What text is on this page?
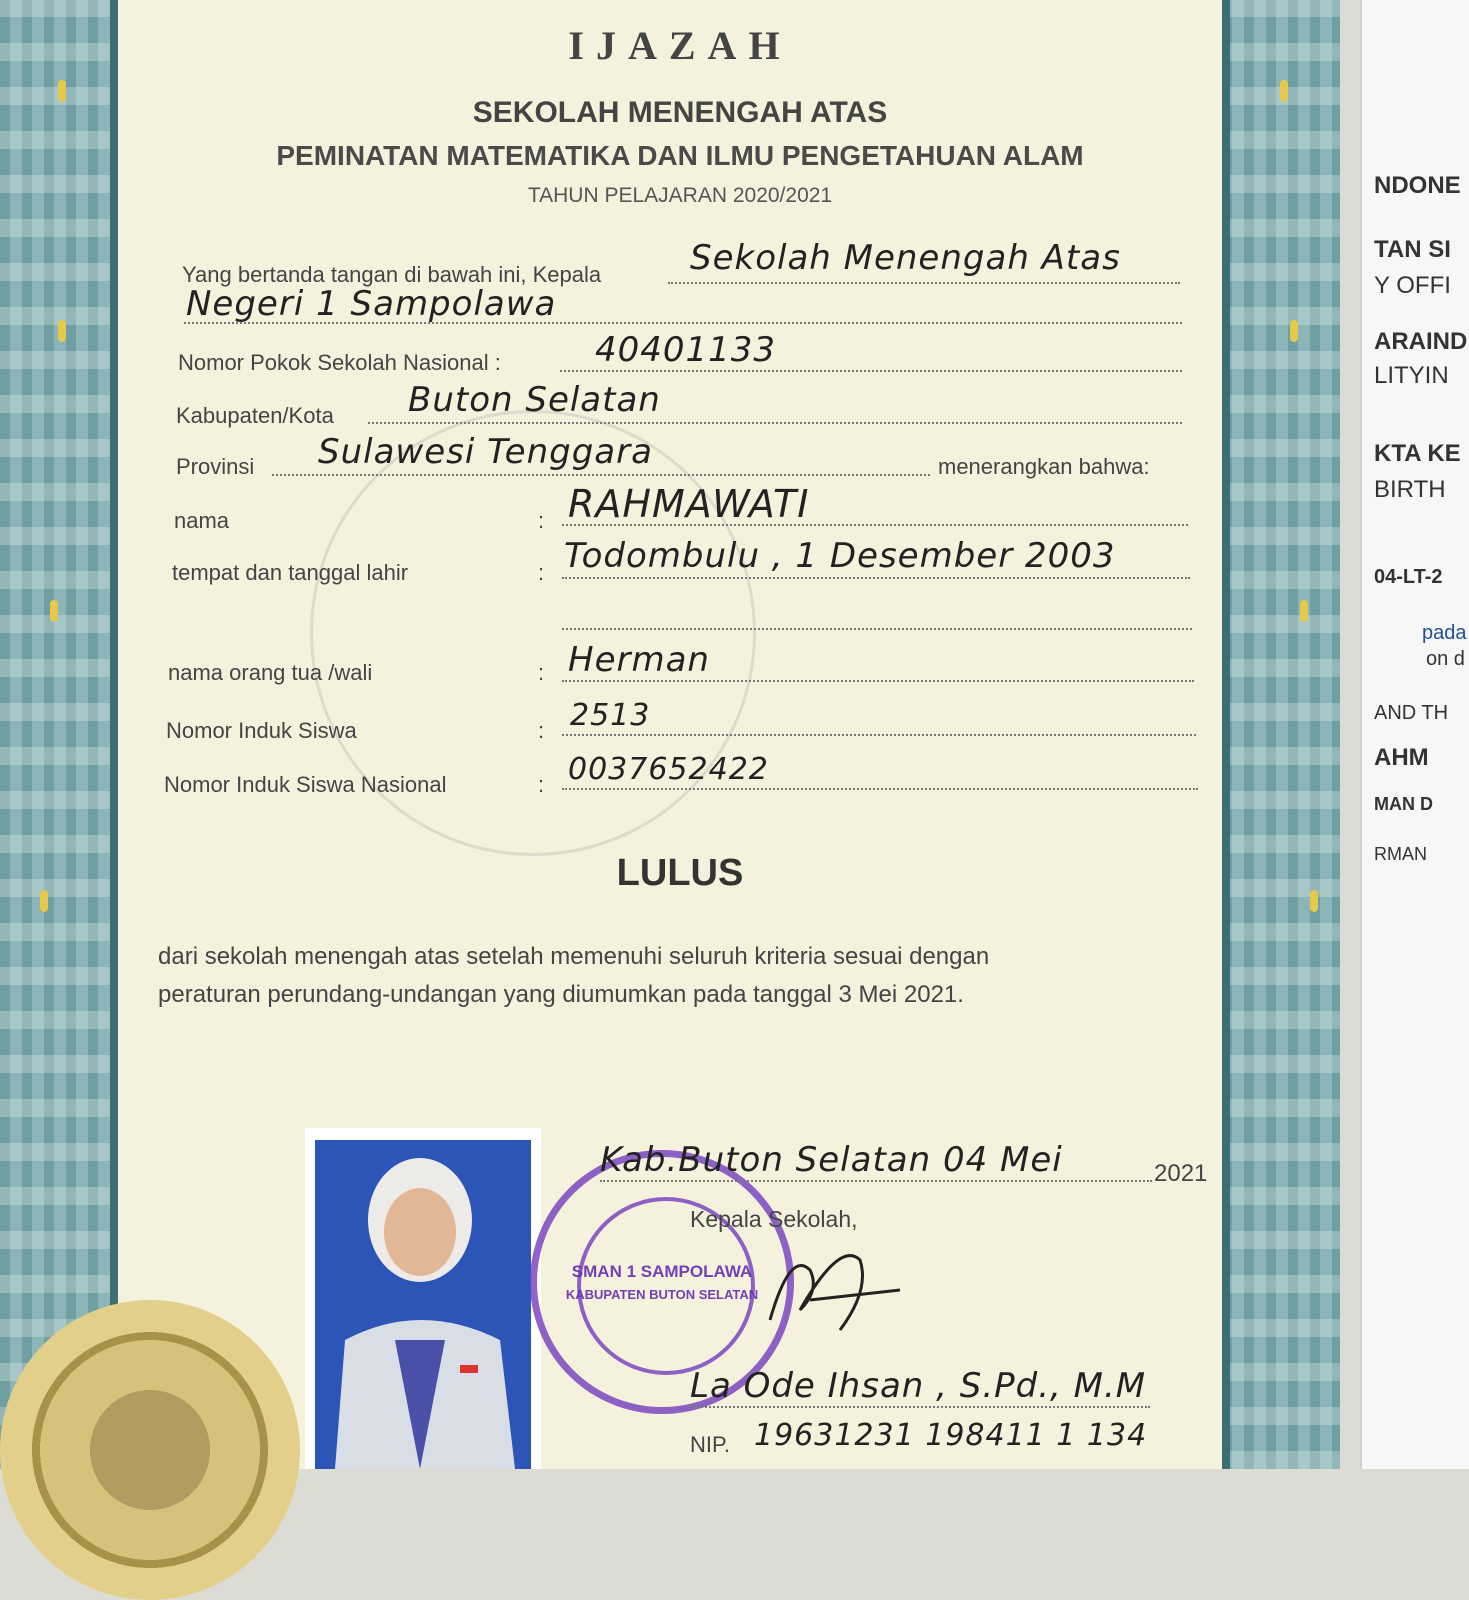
IJAZAH
SEKOLAH MENENGAH ATAS
PEMINATAN MATEMATIKA DAN ILMU PENGETAHUAN ALAM
TAHUN PELAJARAN 2020/2021
Yang bertanda tangan di bawah ini, Kepala	Sekolah Menengah Atas
Negeri 1 Sampolawa
Nomor Pokok Sekolah Nasional :	40401133
Kabupaten/Kota Buton Selatan
Provinsi Sulawesi Tenggara	menerangkan bahwa:
nama	: RAHMAWATI
tempat dan tanggal lahir	: Todombulu , 1 Desember 2003
nama orang tua /wali	: Herman
Nomor Induk Siswa	: 2513
Nomor Induk Siswa Nasional	: 0037652422
LULUS
dari sekolah menengah atas setelah memenuhi seluruh kriteria sesuai dengan
peraturan perundang-undangan yang diumumkan pada tanggal 3 Mei 2021.
SMAN 1 SAMPOLAWA
KABUPATEN BUTON SELATAN
Kab.Buton Selatan 04 Mei	2021
Kepala Sekolah,
La Ode Ihsan , S.Pd., M.M
NIP. 19631231 198411 1 134
NDONE
TAN SI
Y OFFI
ARAIND
LITYIN
KTA KE
BIRTH
04-LT-2
pada
on d
AND TH
AHM
MAN D
RMAN
